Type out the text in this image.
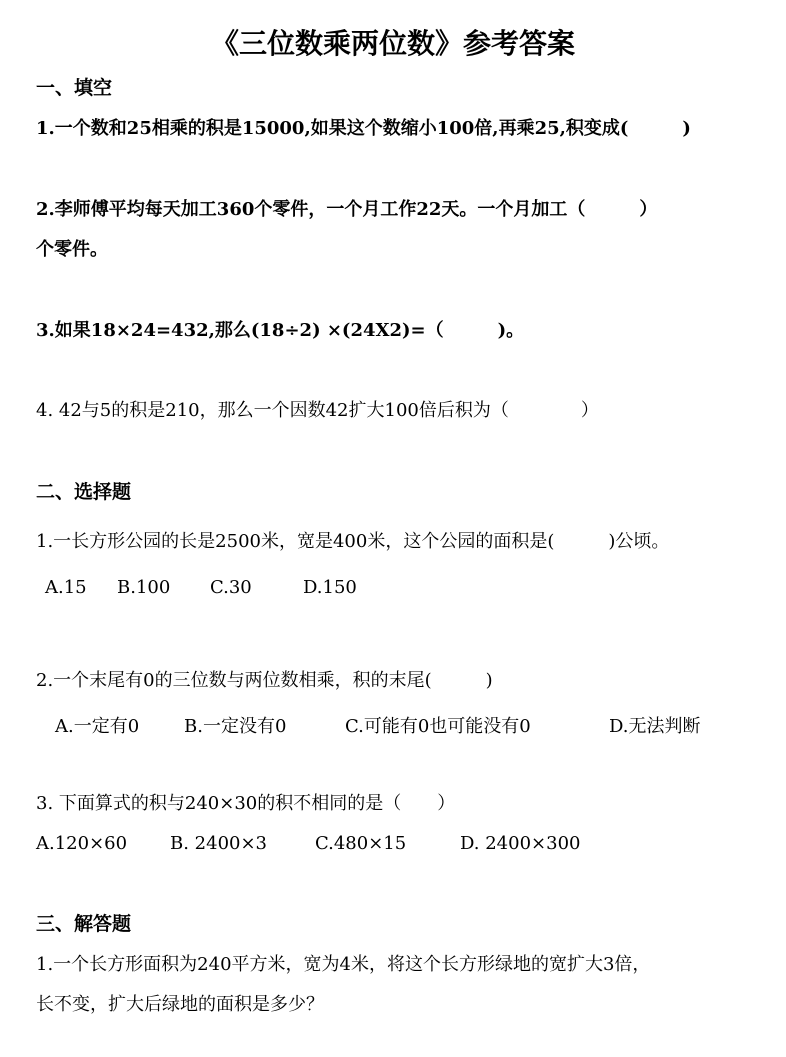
《三位数乘两位数》参考答案
一、填空
1.一个数和25相乘的积是15000,如果这个数缩小100倍,再乘25,积变成(　　　)
2.李师傅平均每天加工360个零件，一个月工作22天。一个月加工（　　　）
个零件。
3.如果18×24=432,那么(18÷2) ×(24X2)=（　　　)。
4. 42与5的积是210，那么一个因数42扩大100倍后积为（　　　　）
二、选择题
1.一长方形公园的长是2500米，宽是400米，这个公园的面积是(　　　)公顷。
A.15 B.100 C.30	D.150
2.一个末尾有0的三位数与两位数相乘，积的末尾(　　　)
A.一定有0 B.一定没有0	C.可能有0也可能没有0	D.无法判断
3. 下面算式的积与240×30的积不相同的是（　　）
A.120×60 B. 2400×3	C.480×15	D. 2400×300
三、解答题
1.一个长方形面积为240平方米，宽为4米，将这个长方形绿地的宽扩大3倍，
长不变，扩大后绿地的面积是多少？
